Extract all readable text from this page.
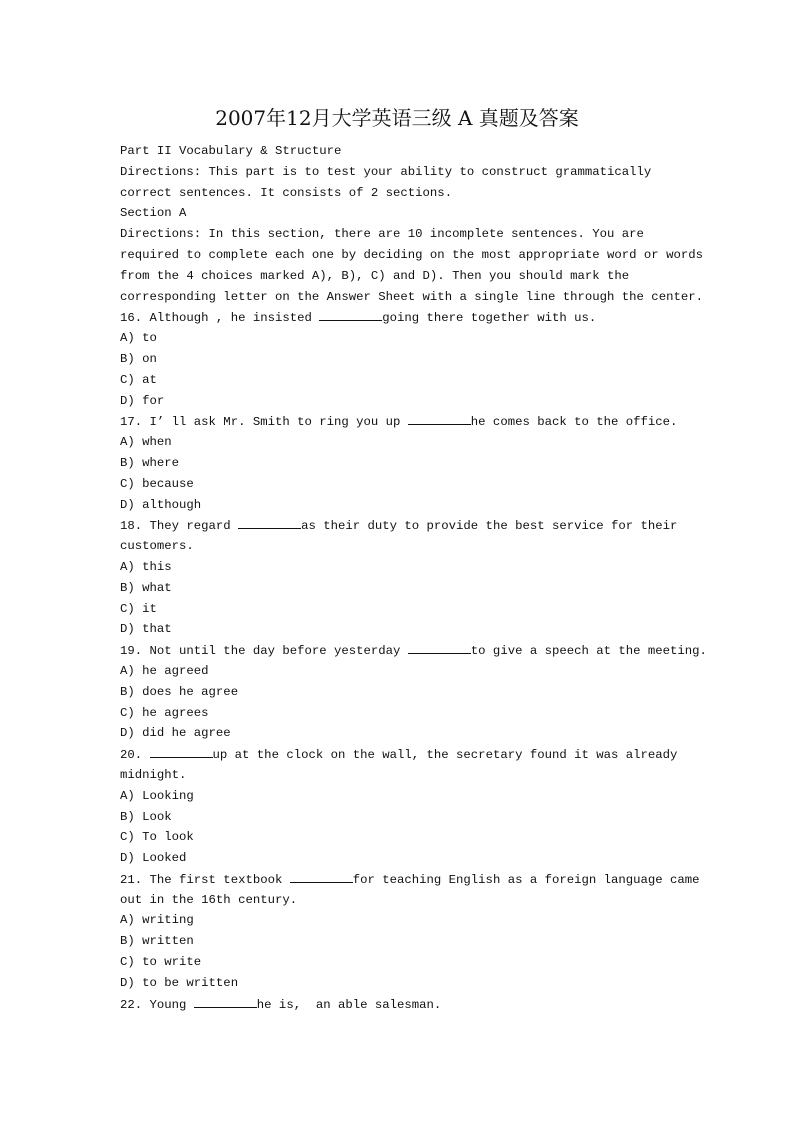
2007年12月大学英语三级 A 真题及答案
Part II Vocabulary & Structure
Directions: This part is to test your ability to construct grammatically
correct sentences. It consists of 2 sections.
Section A
Directions: In this section, there are 10 incomplete sentences. You are
required to complete each one by deciding on the most appropriate word or words
from the 4 choices marked A), B), C) and D). Then you should mark the
corresponding letter on the Answer Sheet with a single line through the center.
16. Although , he insisted	going there together with us.
A) to
B) on
C) at
D) for
17. I’ ll ask Mr. Smith to ring you up	he comes back to the office.
A) when
B) where
C) because
D) although
18. They regard	as their duty to provide the best service for their
customers.
A) this
B) what
C) it
D) that
19. Not until the day before yesterday	to give a speech at the meeting.
A) he agreed
B) does he agree
C) he agrees
D) did he agree
20.	up at the clock on the wall, the secretary found it was already
midnight.
A) Looking
B) Look
C) To look
D) Looked
21. The first textbook	for teaching English as a foreign language came
out in the 16th century.
A) writing
B) written
C) to write
D) to be written
22. Young	he is,  an able salesman.
